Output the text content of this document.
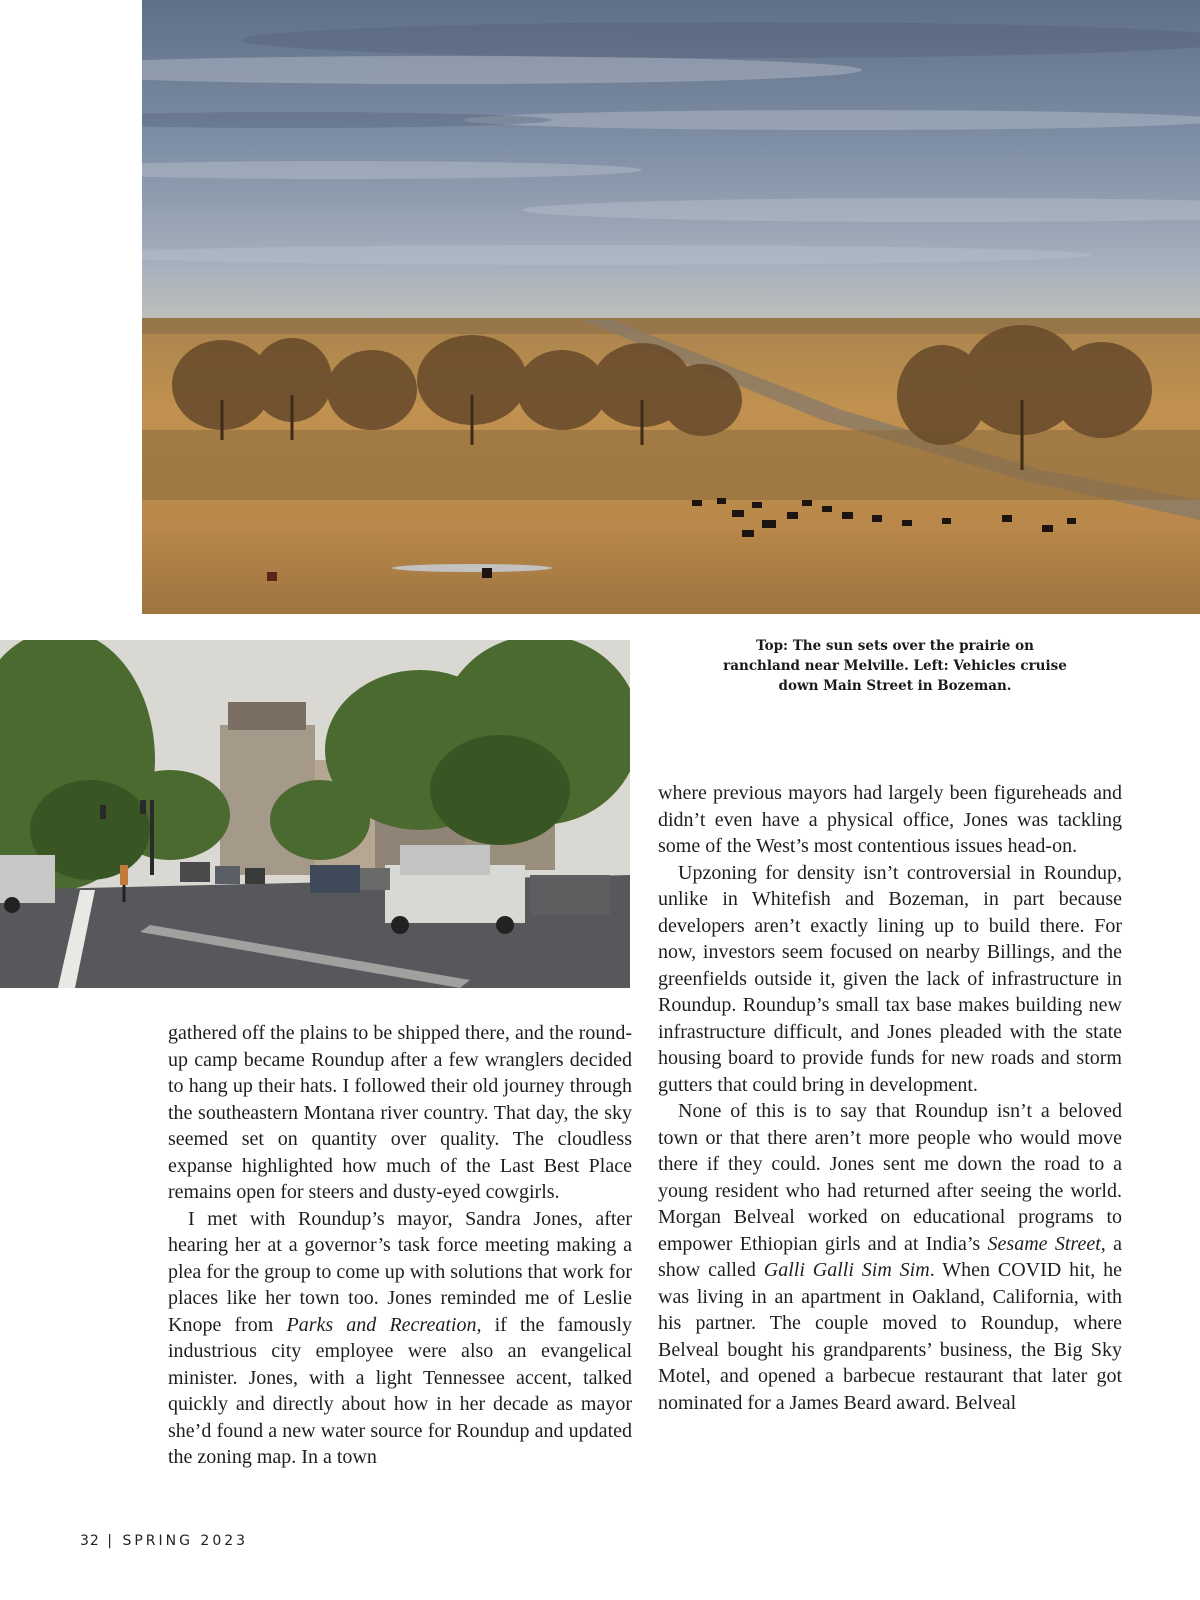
Top: The sun sets over the prairie on
ranchland near Melville. Left: Vehicles cruise
down Main Street in Bozeman.

gathered off the plains to be shipped there, and the round-up camp became Roundup after a few wranglers decided to hang up their hats. I followed their old journey through the southeastern Montana river country. That day, the sky seemed set on quantity over quality. The cloudless expanse highlighted how much of the Last Best Place remains open for steers and dusty-eyed cowgirls.

I met with Roundup’s mayor, Sandra Jones, after hearing her at a governor’s task force meeting making a plea for the group to come up with solutions that work for places like her town too. Jones reminded me of Leslie Knope from Parks and Recreation, if the famously industrious city employee were also an evangelical minister. Jones, with a light Tennessee accent, talked quickly and directly about how in her decade as mayor she’d found a new water source for Roundup and updated the zoning map. In a town

where previous mayors had largely been figureheads and didn’t even have a physical office, Jones was tackling some of the West’s most contentious issues head-on.

Upzoning for density isn’t controversial in Roundup, unlike in Whitefish and Bozeman, in part because developers aren’t exactly lining up to build there. For now, investors seem focused on nearby Billings, and the greenfields outside it, given the lack of infrastructure in Roundup. Roundup’s small tax base makes building new infrastructure difficult, and Jones pleaded with the state housing board to provide funds for new roads and storm gutters that could bring in development.

None of this is to say that Roundup isn’t a beloved town or that there aren’t more people who would move there if they could. Jones sent me down the road to a young resident who had returned after seeing the world. Morgan Belveal worked on educational programs to empower Ethiopian girls and at India’s Sesame Street, a show called Galli Galli Sim Sim. When COVID hit, he was living in an apartment in Oakland, California, with his partner. The couple moved to Roundup, where Belveal bought his grandparents’ business, the Big Sky Motel, and opened a barbecue restaurant that later got nominated for a James Beard award. Belveal

32 | SPRING 2023
